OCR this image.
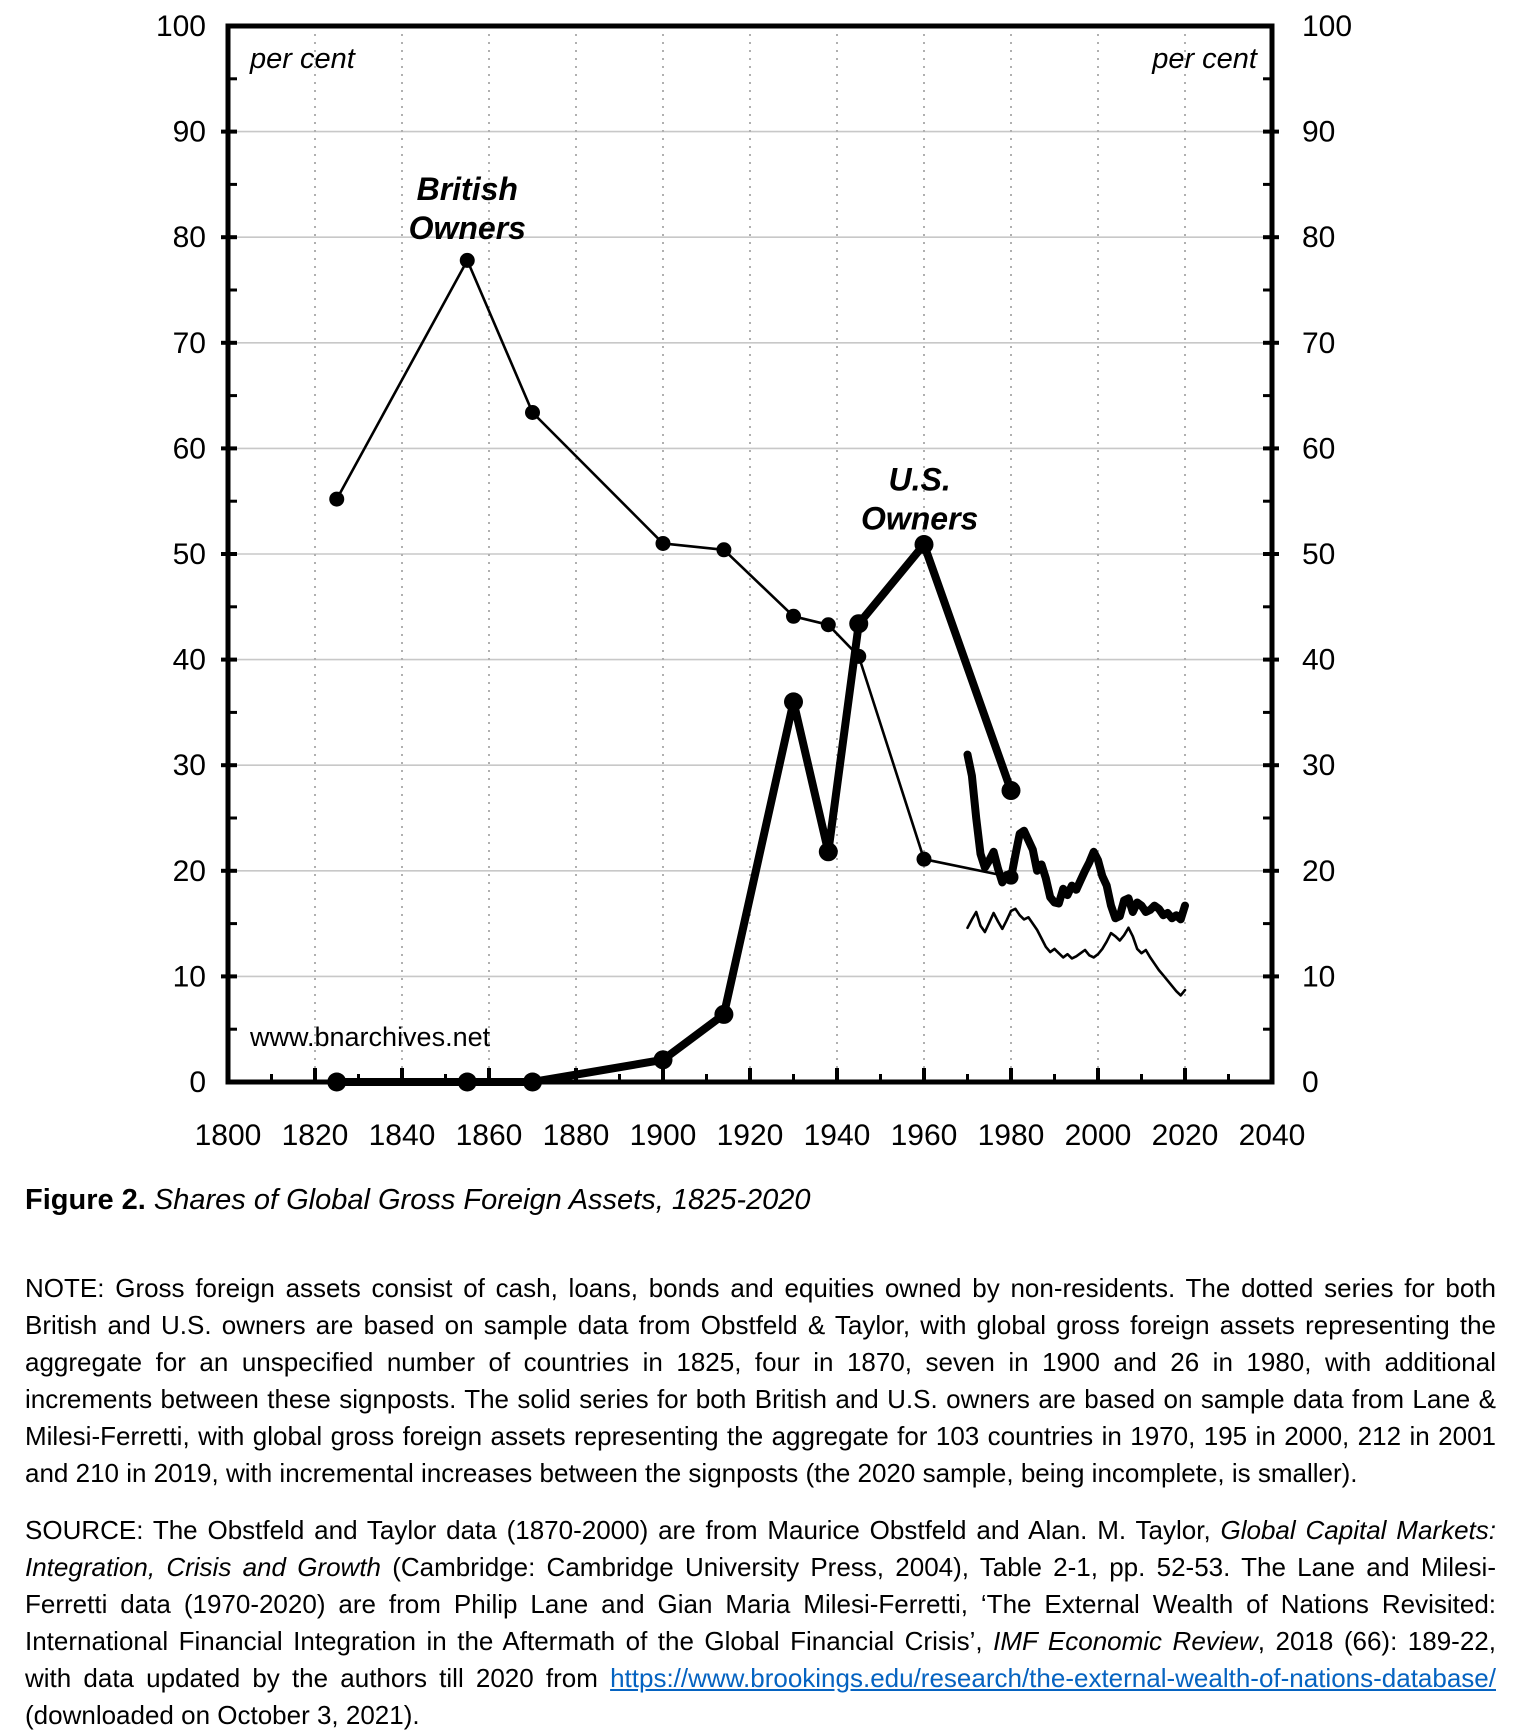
1800 1820 1840 1860 1880 1900 1920 1940 1960 1980 2000 2020 2040
0
10
20
30
40
50
60
70
80
90
100
0
10
20
30
40
50
60
70
80
90
100
per cent	per cent
www.bnarchives.net
British Owners
U.S. Owners
Figure 2. Shares of Global Gross Foreign Assets, 1825-2020
NOTE: Gross foreign assets consist of cash, loans, bonds and equities owned by non-residents. The dotted series for both British and U.S. owners are based on sample data from Obstfeld & Taylor, with global gross foreign assets representing the aggregate for an unspecified number of countries in 1825, four in 1870, seven in 1900 and 26 in 1980, with additional increments between these signposts. The solid series for both British and U.S. owners are based on sample data from Lane & Milesi-Ferretti, with global gross foreign assets representing the aggregate for 103 countries in 1970, 195 in 2000, 212 in 2001 and 210 in 2019, with incremental increases between the signposts (the 2020 sample, being incomplete, is smaller).
SOURCE: The Obstfeld and Taylor data (1870-2000) are from Maurice Obstfeld and Alan. M. Taylor, Global Capital Markets: Integration, Crisis and Growth (Cambridge: Cambridge University Press, 2004), Table 2-1, pp. 52-53. The Lane and Milesi-Ferretti data (1970-2020) are from Philip Lane and Gian Maria Milesi-Ferretti, ‘The External Wealth of Nations Revisited: International Financial Integration in the Aftermath of the Global Financial Crisis’, IMF Economic Review, 2018 (66): 189-22, with data updated by the authors till 2020 from https://www.brookings.edu/research/the-external-wealth-of-nations-database/ (downloaded on October 3, 2021).
